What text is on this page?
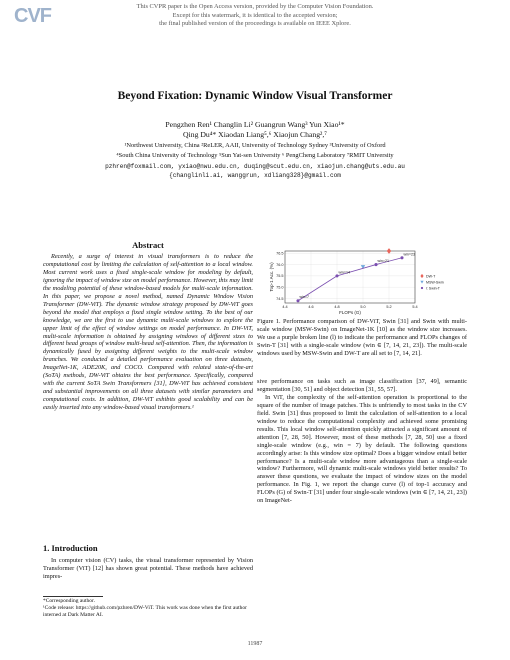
CVF	This CVPR paper is the Open Access version, provided by the Computer Vision Foundation.
Except for this watermark, it is identical to the accepted version;
the final published version of the proceedings is available on IEEE Xplore.
Beyond Fixation: Dynamic Window Visual Transformer
Pengzhen Ren¹ Changlin Li² Guangrun Wang³ Yun Xiao¹*
Qing Du⁴* Xiaodan Liang⁵,⁶ Xiaojun Chang²,⁷
¹Northwest University, China ²ReLER, AAII, University of Technology Sydney ³University of Oxford
⁴South China University of Technology ⁵Sun Yat-sen University ⁶ PengCheng Laboratory ⁷RMIT University
pzhren@foxmail.com, yxiao@nwu.edu.cn, duqing@scut.edu.cn, xiaojun.chang@uts.edu.au
{changlinli.ai, wanggrun, xdliang328}@gmail.com
Abstract

Recently, a surge of interest in visual transformers is to reduce the computational cost by limiting the calculation of self-attention to a local window. Most current work uses a fixed single-scale window for modeling by default, ignoring the impact of window size on model performance. However, this may limit the modeling potential of these window-based models for multi-scale information. In this paper, we propose a novel method, named Dynamic Window Vision Transformer (DW-ViT). The dynamic window strategy proposed by DW-ViT goes beyond the model that employs a fixed single window setting. To the best of our knowledge, we are the first to use dynamic multi-scale windows to explore the upper limit of the effect of window settings on model performance. In DW-ViT, multi-scale information is obtained by assigning windows of different sizes to different head groups of window multi-head self-attention. Then, the information is dynamically fused by assigning different weights to the multi-scale window branches. We conducted a detailed performance evaluation on three datasets, ImageNet-1K, ADE20K, and COCO. Compared with related state-of-the-art (SoTA) methods, DW-ViT obtains the best performance. Specifically, compared with the current SoTA Swin Transformers [31], DW-ViT has achieved consistent and substantial improvements on all three datasets with similar parameters and computational costs. In addition, DW-ViT exhibits good scalability and can be easily inserted into any window-based visual transformers.¹

1. Introduction

In computer vision (CV) tasks, the visual transformer represented by Vision Transformer (ViT) [12] has shown great potential. These methods have achieved impres-

*Corresponding author.
¹Code release: https://github.com/pzhren/DW-ViT. This work was done when the first author interned at Dark Matter AI.
4.4	4.6	4.8	5.0	5.2	5.4
74.5
75.0
75.5
76.0
76.5
FLOPs (G)
Top-1 Acc. (%)
win=7
win=14
win=21
win=23
DW-T
MSW-Swin
l: Swin-T

Figure 1. Performance comparison of DW-ViT, Swin [31] and Swin with multi-scale window (MSW-Swin) on ImageNet-1K [10] as the window size increases. We use a purple broken line (l) to indicate the performance and FLOPs changes of Swin-T [31] with a single-scale window (win ∈ [7, 14, 21, 23]). The multi-scale windows used by MSW-Swin and DW-T are all set to [7, 14, 21].

sive performance on tasks such as image classification [37, 49], semantic segmentation [30, 51] and object detection [31, 55, 57].

In ViT, the complexity of the self-attention operation is proportional to the square of the number of image patches. This is unfriendly to most tasks in the CV field. Swin [31] thus proposed to limit the calculation of self-attention to a local window to reduce the computational complexity and achieved some promising results. This local window self-attention quickly attracted a significant amount of attention [7, 28, 50]. However, most of these methods [7, 28, 50] use a fixed single-scale window (e.g., win = 7) by default. The following questions accordingly arise: Is this window size optimal? Does a bigger window entail better performance? Is a multi-scale window more advantageous than a single-scale window? Furthermore, will dynamic multi-scale windows yield better results? To answer these questions, we evaluate the impact of window sizes on the model performance. In Fig. 1, we report the change curve (l) of top-1 accuracy and FLOPs (G) of Swin-T [31] under four single-scale windows (win ∈ [7, 14, 21, 23]) on ImageNet-

11987
